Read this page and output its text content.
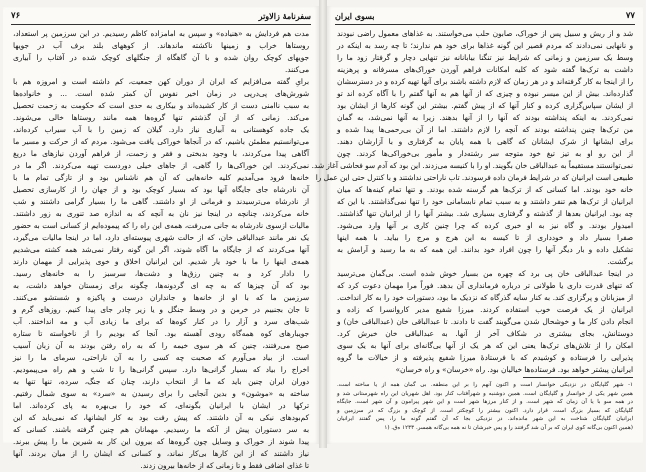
۷۶	سفرنامهٔ زالاوتر
مدت هم فردایش به «هنیاده» و سپس به امامزاده کاظم رسیدیم. در این سرزمین پر استعداد،
روستاها خراب و زمینها ناکشته ماندهاند. از کوههای بلند برف آب در جویها
جویهای کوچک روان شده و با آن گاهگاه از جنگلهای کوچک شده در آفتاب را آبیاری
می‌کنند.
برایِ گفته می‌افزایم که ایران از دوران کهن جمعیت، کم داشته است و امروزه هم با
شورش‌های پی‌درپی در زمان اخیر نفوس آن کمتر شده است. ... و خانواده‌ها
به سبب ناامنی دست از کار کشیده‌اند و بیکاری به حدی است که حکومت به زحمت تحصیل
می‌کند. زمانی که از آن گذشتم تنها گروه‌ها همه مانند روستاها خالی می‌شوند.
یک جاده کوهستانی به آبیاری نیاز دارد. گیلان که زمین را با آب سیراب کرده‌اند،
می‌توانستیم مطمئن باشیم، که در آنجاها خوراکی یافت می‌شود. مردم که از حرکت و مسیر ما
آگاهی پیدا می‌کردند، با وجود بدبختی و فقر و زحمت، از فراهم آوردن نیازهای ما دریغ
نمی‌کردند. این خوراکی‌ها را گاهی، از جاهای خیلی دوردست تهیه می‌کردند. اگر ما در
خانه‌ها فرود می‌آمدیم کلیه‌ خانه‌هایی که آن هم ناشناس بود و از تازگی تمام ما با
آن نادرشاه جای جایگاه آنها بود که بسیار کوچک بود و از جهان را از کارسازی تحصیل
از نادرشاه می‌ترسیدند و فرمانی از او داشتند. گاهی ما را بسیار گرامی داشتند و شب
خانه می‌کردند، چنانچه در اینجا نیز نان به آنچه که به اندازه صد تنوری به زور داشتند.
مالیات ازسوی نادرشاه به جانی می‌رفت، همه‌ی این راه را که پیموده‌ایم از کسانی است به حضور
یک نفر مانند عبدالباقی خان، که از حالت شهری پیوسته‌ای دارد، اما در اینجا مالیات می‌گیرد،
آنها می‌کردند که از جایگاه ما آگاه شوند، اگر این گونه رفتار نمی‌شد همه کشته می‌شدیم
همه‌ی اینها را ما با خود یار شدیم. این ایرانیان اخلاق و خوی پذیرایی از مهمان دارند
را دادار کرد و به چنین رزق‌ها و دشت‌ها، سرسبز را به خانه‌های رسید.
بود که آن چیزها که به چه ای گردونه‌ها، چگونه برای زمستان خواهد داشت، به
سرزمین ما که با او از خانه‌ها و جانداران درست و پاکیزه و شستشو می‌کنند.
تا جان بجنبیم در خرمن و در وسط جنگل و یا زیر چادر جای پیدا کنیم. روزهای گرم و
شب‌های سرد و آزار را در کنار کوه‌ها که برای ما زیادی آب و مه انداختند. آب
جویبارهای کوه همه‌گاه رودی آهسته بود. آنجا که بودیم را از ناخواسته تا ستاره
صبح می‌رفتند، چنین که هر سوی خیمه را که به راه رفتن بودند به آن زبان آسیب
است. از بیاد می‌آورم که صحبت چه کسی را به آن ناراحتی، سرمای ما را نیز
اخراج را بیاد که بسیار گرانی‌ها دارد. سپس گرانی‌ها را تا شب و هم راه می‌پیمودیم.
دوران ایران چنین باید که ما از انتخاب دارند، چنان که جنگ، سرده، تنها تنها به
ساخته به «موشون» و بدین آنجایی را برای رسیدن به «سرد» به سوی شمال رفتیم.
ترکها در ایشان با ایرانیان بگونه‌ای، که خود را بی‌بهره به پای کرده‌اند. اما
کم‌بودهای نیکی به آن داشتند. که پیش رفت بود به کار ایشانها، که نمی‌باید که این
به سر دستوران پیش از آنکه ما رسیدیم. مهمانان هم چنین گرفته باشند. کسانی که
پیدا شوند از خوراک و وسایل چون گروه‌ها که بیرون این کار به شیرین ما را پیش ببرند.
نیاز داشتند که از این کارها بی‌کار نماند، و کسانی که ایشان را از میان بردند. آنها
تا غذای اضافی فقط و تا زمانی که از خانه‌ها بیرون زدند.
بسوی ایران	۷۷
شد و از ریش و سبیل پس از خوراک، صابون حلب می‌خواستند. به غذاهای معمول راضی نبودند
و نانهایی نمی‌دادند که مردم قصیر این گونه غذاها برای خود هم ندارند؛ تا چه رسد به اینکه در
وسط یک سرزمین و زمانی که شرایط نیز تنگنا بیابانانه نیز تنهایی دچار و گرفتار زود ما را
داشت به ترک‌ها گفته شود که کلیه امکانات فراهم آوردن خوراک‌های مسرفانه و پرهزینه
را از اینجا به کار گرفته‌اند و در هر زمان که لازم داشته باشند برای آنها تهیه کرده و در دسترسشان
گذارده‌اند. بیش از این میسر نبوده و چیزی که از آنها هم به آنها گفتم را با آگاه کرده اند تو
از ایشان سپاس‌گزاری کرده و کنار آنها که از پیش گفتم. بیشتر این گونه کارها از ایشان بود
نمی‌کردند. به اینکه پنداشته بودند که آنها را از آنها بدهند. زیرا به آنها نمی‌شد، به گمان
من ترک‌ها چنین پنداشته بودند که آنچه را لازم داشتند. اما از آن بی‌رحمی‌ها پیدا شده و
برای ایشانها از شرک ایشانان که گاهی با همه پایان به گرفتاری و با آزارشان دهند.
از این رو او به تیز تیغ خود متوجه سر رشته‌دار و مأمور بی‌خوراکی‌ها کردند. چون
نمی‌توانستند مستقیماً به عبدالباقی خان بگویند. او را با کنیسه می‌زدند. این بود که آدم سو فحاشی آغاز شد.
طبیعی است ایرانیان که در شرایط فرمان داده فرسودند. تاب ناراحتی نداشتند و با کنترل حتی این عمل را
خانه خود بودند. اما کسانی که از ترک‌ها هم گرسنه شده بودند. و تنها تمام کینه‌ها که میان
ایرانیان از ترک‌ها هم تنفر داشتند و به سبب تمام نابسامانی خود را تنها نمی‌گذاشتند. با این که
چه بود. ایرانیان بعدها از گذشته و گرفتاری بسیاری شد. بیشتر آنها را از ایرانیان تنها گذاشتند.
امیدوار بودند. و گاه نیز به او خبری کرده که چرا چنین کاری بر آنها وارد می‌شود.
صفرا بسیار داد و خودداری از تا کیسه به این هرج و مرج را بیاید. با همه اینها
تشکیل داده و بار دیگر آنها را چون افراد خود بدانند. این همه که به ما رسید و آرامش به
برگشت.
در اینجا عبدالباقی خان پی برد که چهره من بسیار خوش شده است. بی‌گمان می‌ترسید
که تنهای قدرت داری یا طولانی تر درباره فرمانداری آن بدهد. فوراً مرا مهمان دعوت کرد که
از میزبانان و پرگزاری کند. به کنار سایه گذرگاه که نزدیک ما بود، دستورات خود را به کار انداخت.
ایرانیان از یک فرصت خوب استفاده کردند. میرزا شفیع مدیر کاروانسرا که زاده و
انجام دادن کار ما و خوشحال شدن می‌گویند گفت تا دادند. تا عبدالباقی خان (عبدالباقی خان) و
دوستانش، بجای بیشتری در شکاف آخر از آنها. به عبدالباقی خان خبرش کرد.
امکان را از تلاش‌های ترک‌ها یعنی این که هر یک از آنها بی‌گانه‌ای برای آنها به یک سوی
پذیرایی را فرستاده و کوشیدم که با فرستادهٔ میرزا شفیع پذیرفته و از خیالات ما گروه
ایرانیان پیشتر خواهد بود. فرستاده‌ها خیالیان بود. راه «خرسان» و راه خرسان»
۱- شهر گلپایگان در نزدیکی خوانسار است و اکنون آنهم را بر این منطقه. بی گمان همه از یا ساخته است.
همین شهر یکی از خوانسار و گلپایگان است. همین دوشنبه و شهرآفتاب کنار بود. اهل شهریان این راه شهرستانی شد و
در همه سو با یا آن زمان که شهر است. و از کنار مرزها شهر است و این شهر پیرامون و آن شهر است. جایگاه
گلپایگان که بسیار بزرگ است. قرار دارد. اکنون بیشتر را کوچکتر است. از کوچک و بزرگ که در سرزمین و
ایرانیان گلپایگان شناخت به این شهر مانده‌اند. در نزدیکی بجا که آن گفتم گونه ما را، پس گفتند ایرانیان
(همین اکنون بی‌گانه کوی ایران که بر آن شد گرفتند را و پس خبرشان تا نه همه بی‌گانه همسر. ۱۲۳۳ ه‌ق. (۱
